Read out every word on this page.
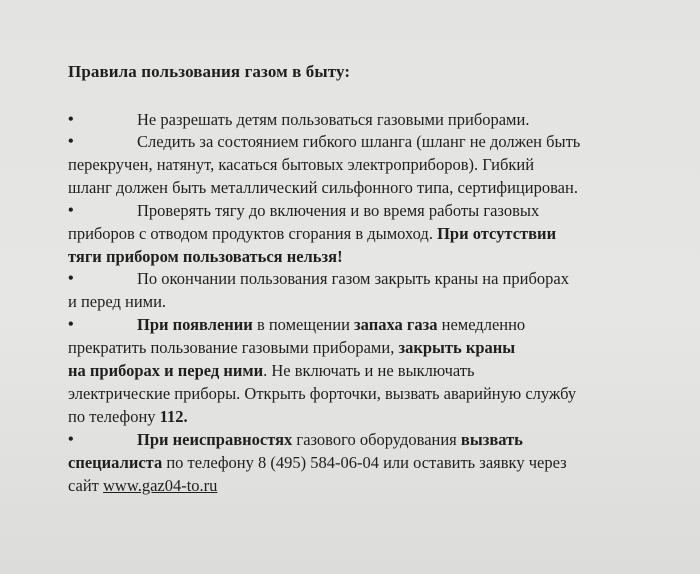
Правила пользования газом в быту:
•	Не разрешать детям пользоваться газовыми приборами.
•	Следить за состоянием гибкого шланга (шланг не должен быть
перекручен, натянут, касаться бытовых электроприборов). Гибкий
шланг должен быть металлический сильфонного типа, сертифицирован.
•	Проверять тягу до включения и во время работы газовых
приборов с отводом продуктов сгорания в дымоход. При отсутствии
тяги прибором пользоваться нельзя!
•	По окончании пользования газом закрыть краны на приборах
и перед ними.
•	При появлении в помещении запаха газа немедленно
прекратить пользование газовыми приборами, закрыть краны
на приборах и перед ними. Не включать и не выключать
электрические приборы. Открыть форточки, вызвать аварийную службу
по телефону 112.
•	При неисправностях газового оборудования вызвать
специалиста по телефону 8 (495) 584-06-04 или оставить заявку через
сайт www.gaz04-to.ru
